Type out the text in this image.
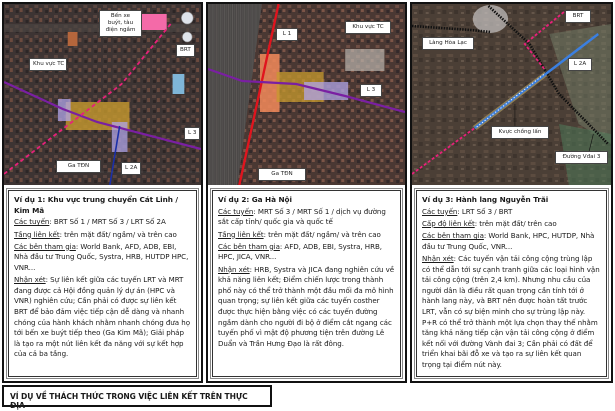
Bến xe buýt, tàu điện ngầm
BRT
Khu vực TC
L 3
Ga TĐN	L 2A

Ví dụ 1: Khu vực trung chuyển Cát Linh / Kim Mã

Các tuyến: BRT Số 1 / MRT Số 3 / LRT Số 2A

Tầng liên kết: trên mặt đất/ ngầm/ và trên cao

Các bên tham gia: World Bank, AFD, ADB, EBI, Nhà đầu tư Trung Quốc, Systra, HRB, HUTDP HPC, VNR...

Nhận xét: Sự liên kết giữa các tuyến LRT và MRT đang được cả Hội đồng quản lý dự án (HPC và VNR) nghiên cứu; Cần phải có được sự liên kết BRT để bảo đảm việc tiếp cận dễ dàng và nhanh chóng của hành khách nhằm nhanh chóng đưa họ tới bến xe buýt tiếp theo (Ga Kim Mã); Giải pháp là tạo ra một nút liên kết đa năng với sự kết hợp của cả ba tầng.

L 1
Khu vực TC
L 3
Ga TĐN

Ví dụ 2: Ga Hà Nội

Các tuyến: MRT Số 3 / MRT Số 1 / dịch vụ đường sắt cấp tỉnh/ quốc gia và quốc tế

Tầng liên kết: trên mặt đất/ ngầm/ và trên cao

Các bên tham gia: AFD, ADB, EBI, Systra, HRB, HPC, JICA, VNR...

Nhận xét: HRB, Systra và JICA đang nghiên cứu về khả năng liên kết; Điểm chiến lược trong thành phố này có thể trở thành một đầu mối đa mô hình quan trọng; sự liên kết giữa các tuyến costher được thực hiện bằng việc có các tuyến đường ngầm dành cho người đi bộ ở điểm cắt ngang các tuyến phố vì mật độ phương tiện trên đường Lê Duẩn và Trần Hưng Đạo là rất đông.

BRT
Làng Hòa Lạc
L 2A
Kvực chồng lấn
Đường Vđai 3

Ví dụ 3: Hành lang Nguyễn Trãi

Các tuyến: LRT Số 3 / BRT

Cấp độ liên kết: trên mặt đất/ trên cao

Các bên tham gia: World Bank, HPC, HUTDP, Nhà đầu tư Trung Quốc, VNR...

Nhận xét: Các tuyến vận tải công cộng trùng lập có thể dẫn tới sự cạnh tranh giữa các loại hình vận tải công cộng (trên 2,4 km). Nhưng nhu cầu của người dân là điều rất quan trọng cần tính tới ở hành lang này, và BRT nên được hoàn tất trước LRT, vẫn có sự biện minh cho sự trùng lập này. P+R có thể trở thành một lựa chọn thay thế nhằm tăng khả năng tiếp cận vận tải công cộng ở điểm kết nối với đường Vành đai 3; Cần phải có đất để triển khai bãi đỗ xe và tạo ra sự liên kết quan trọng tại điểm nút này.

VÍ DỤ VỀ THÁCH THỨC TRONG VIỆC LIÊN KẾT TRÊN THỰC ĐỊA
